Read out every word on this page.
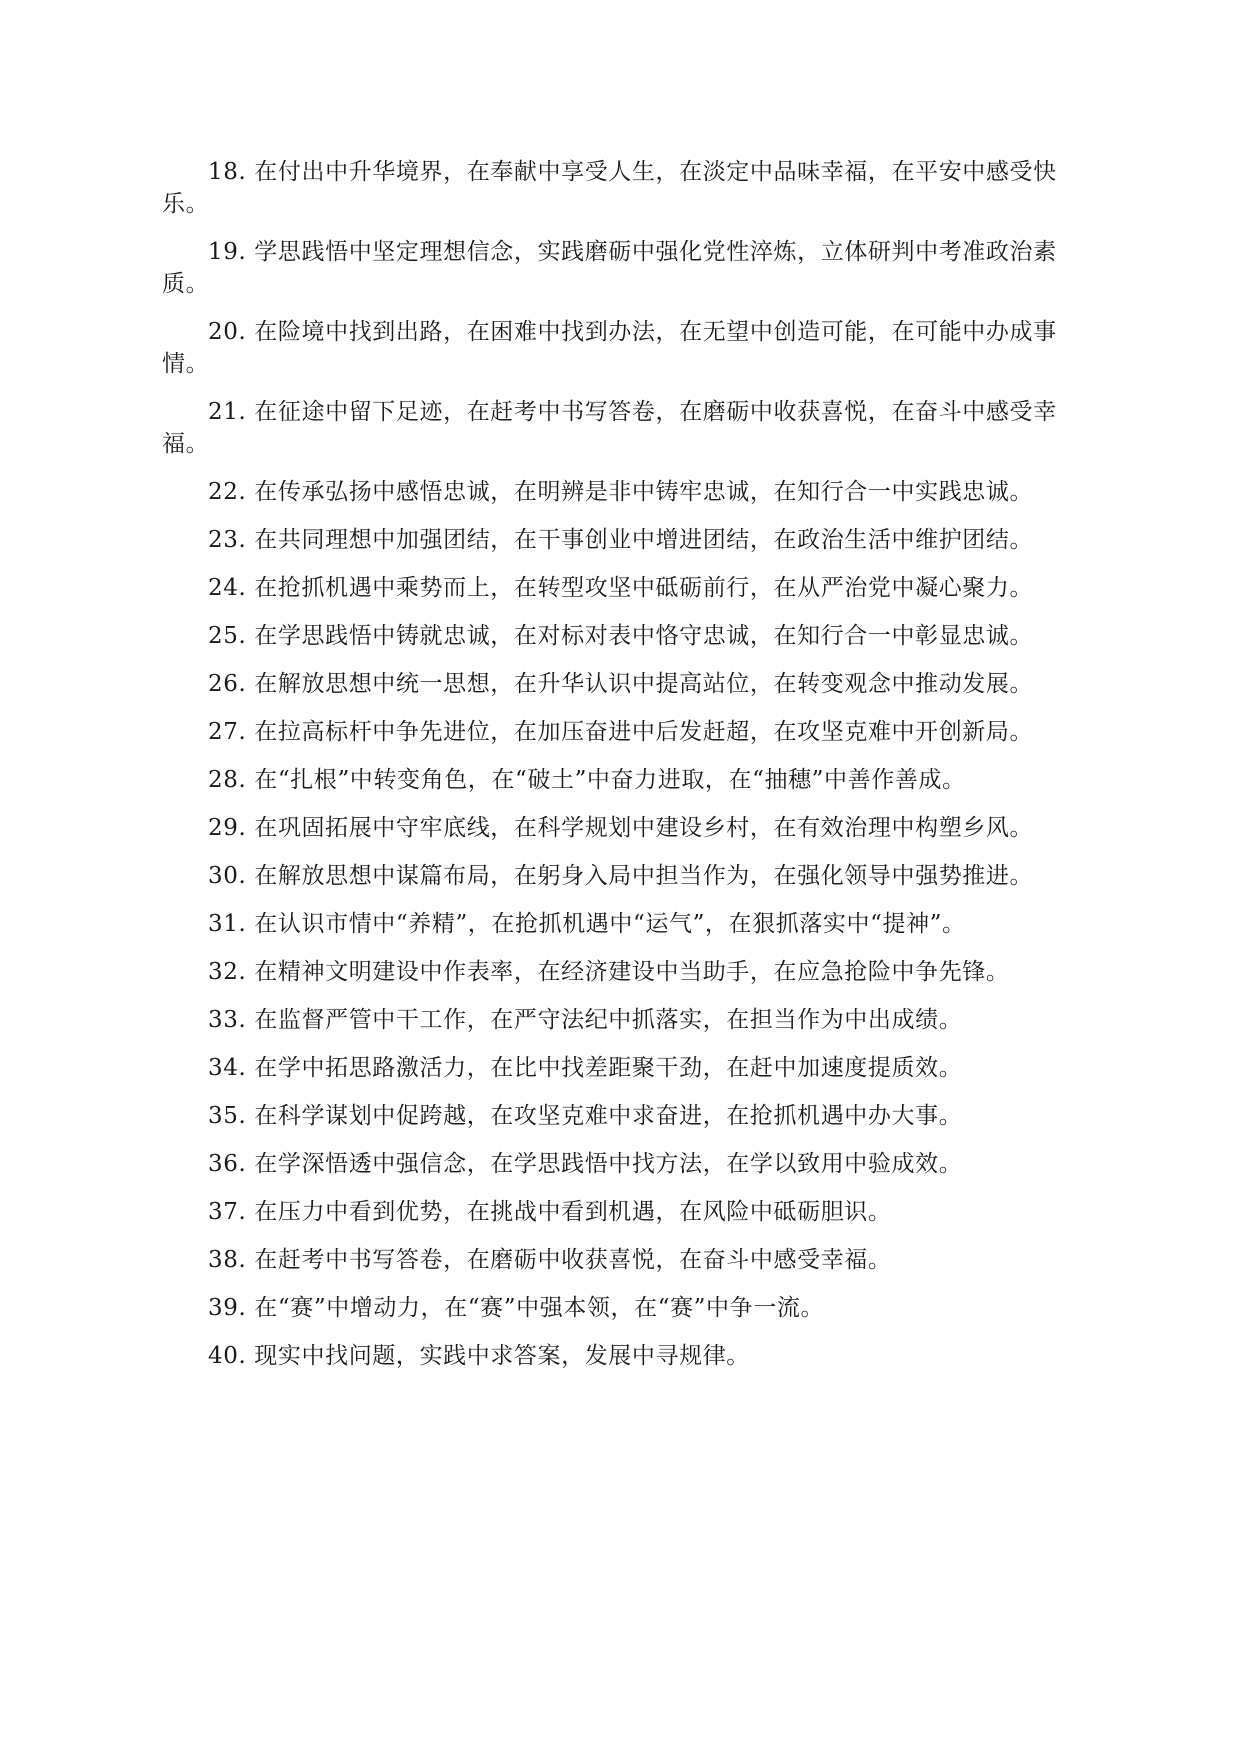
18. 在付出中升华境界，在奉献中享受人生，在淡定中品味幸福，在平安中感受快乐。

19. 学思践悟中坚定理想信念，实践磨砺中强化党性淬炼，立体研判中考准政治素质。

20. 在险境中找到出路，在困难中找到办法，在无望中创造可能，在可能中办成事情。

21. 在征途中留下足迹，在赶考中书写答卷，在磨砺中收获喜悦，在奋斗中感受幸福。

22. 在传承弘扬中感悟忠诚，在明辨是非中铸牢忠诚，在知行合一中实践忠诚。

23. 在共同理想中加强团结，在干事创业中增进团结，在政治生活中维护团结。

24. 在抢抓机遇中乘势而上，在转型攻坚中砥砺前行，在从严治党中凝心聚力。

25. 在学思践悟中铸就忠诚，在对标对表中恪守忠诚，在知行合一中彰显忠诚。

26. 在解放思想中统一思想，在升华认识中提高站位，在转变观念中推动发展。

27. 在拉高标杆中争先进位，在加压奋进中后发赶超，在攻坚克难中开创新局。

28. 在“扎根”中转变角色，在“破土”中奋力进取，在“抽穗”中善作善成。

29. 在巩固拓展中守牢底线，在科学规划中建设乡村，在有效治理中构塑乡风。

30. 在解放思想中谋篇布局，在躬身入局中担当作为，在强化领导中强势推进。

31. 在认识市情中“养精”，在抢抓机遇中“运气”，在狠抓落实中“提神”。

32. 在精神文明建设中作表率，在经济建设中当助手，在应急抢险中争先锋。

33. 在监督严管中干工作，在严守法纪中抓落实，在担当作为中出成绩。

34. 在学中拓思路激活力，在比中找差距聚干劲，在赶中加速度提质效。

35. 在科学谋划中促跨越，在攻坚克难中求奋进，在抢抓机遇中办大事。

36. 在学深悟透中强信念，在学思践悟中找方法，在学以致用中验成效。

37. 在压力中看到优势，在挑战中看到机遇，在风险中砥砺胆识。

38. 在赶考中书写答卷，在磨砺中收获喜悦，在奋斗中感受幸福。

39. 在“赛”中增动力，在“赛”中强本领，在“赛”中争一流。

40. 现实中找问题，实践中求答案，发展中寻规律。
